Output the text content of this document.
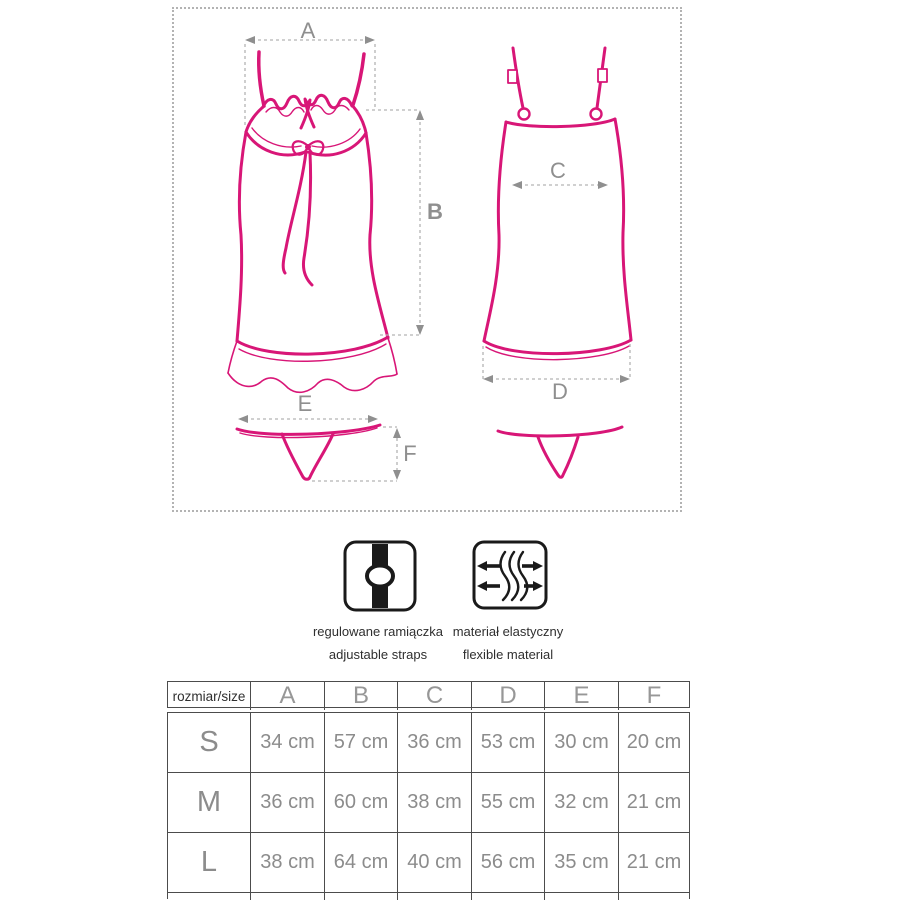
A
B
C
D
E
F
regulowane ramiączka
adjustable straps
materiał elastyczny
flexible material
rozmiar/size	A	B	C	D	E	F
S	34 cm 57 cm 36 cm 53 cm 30 cm 20 cm
M	36 cm 60 cm 38 cm 55 cm 32 cm 21 cm
L	38 cm 64 cm 40 cm 56 cm 35 cm 21 cm
